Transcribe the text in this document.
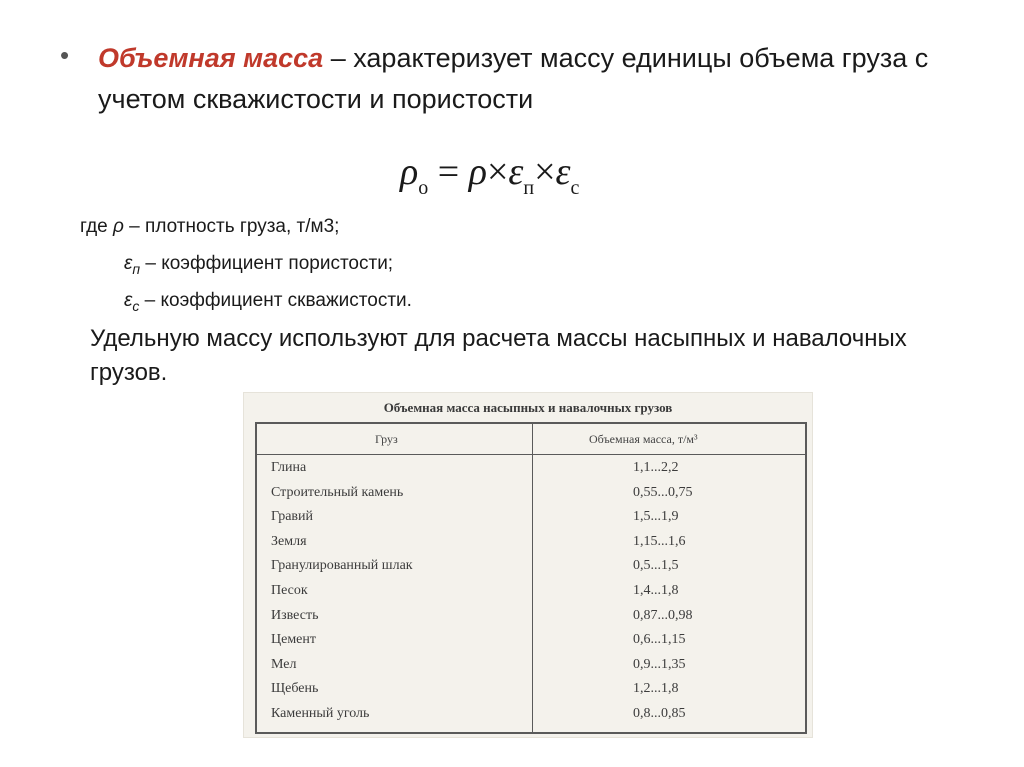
• Объемная масса – характеризует массу единицы объема груза с учетом скважистости и пористости
$\rho_о = \rho\times\varepsilon_п\times\varepsilon_с$
где ρ – плотность груза, т/м3;
$\varepsilon_п$ – коэффициент пористости;
$\varepsilon_с$ – коэффициент скважистости.
Удельную массу используют для расчета массы насыпных и навалочных грузов.
Объемная масса насыпных и навалочных грузов
Груз	Объемная масса, т/м³
Глина	1,1...2,2
Строительный камень	0,55...0,75
Гравий	1,5...1,9
Земля	1,15...1,6
Гранулированный шлак	0,5...1,5
Песок	1,4...1,8
Известь	0,87...0,98
Цемент	0,6...1,15
Мел	0,9...1,35
Щебень	1,2...1,8
Каменный уголь	0,8...0,85
